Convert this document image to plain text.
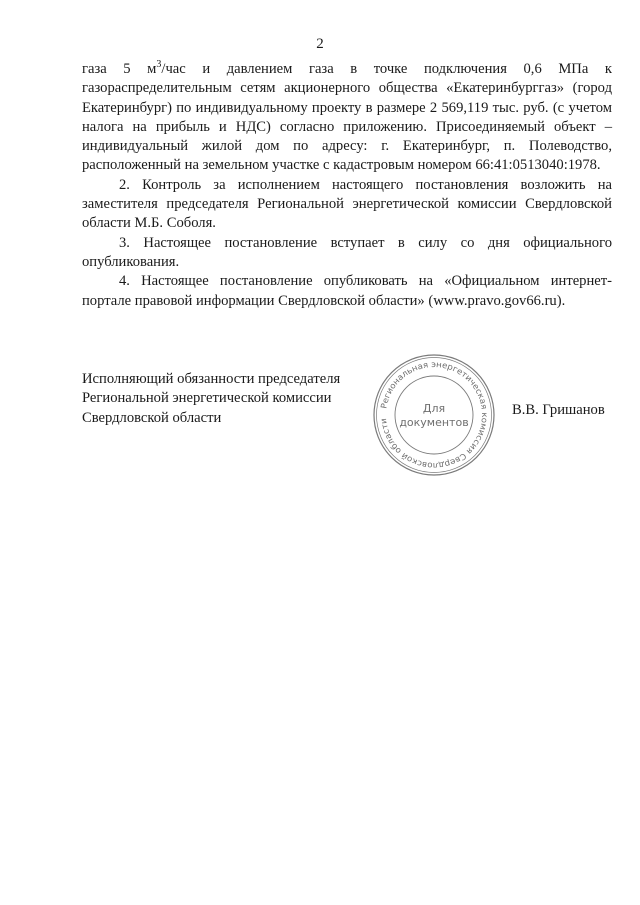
2

газа 5 $м^3$/час и давлением газа в точке подключения 0,6 МПа к газораспределительным сетям акционерного общества «Екатеринбурггаз» (город Екатеринбург) по индивидуальному проекту в размере 2 569,119 тыс. руб. (с учетом налога на прибыль и НДС) согласно приложению. Присоединяемый объект – индивидуальный жилой дом по адресу: г. Екатеринбург, п. Полеводство, расположенный на земельном участке с кадастровым номером 66:41:0513040:1978.

2. Контроль за исполнением настоящего постановления возложить на заместителя председателя Региональной энергетической комиссии Свердловской области М.Б. Соболя.

3. Настоящее постановление вступает в силу со дня официального опубликования.

4. Настоящее постановление опубликовать на «Официальном интернет-портале правовой информации Свердловской области» (www.pravo.gov66.ru).

Исполняющий обязанности председателя
Региональной энергетической комиссии
Свердловской области
Региональная энергетическая комиссия Свердловской области
Для
документов
В.В. Гришанов
